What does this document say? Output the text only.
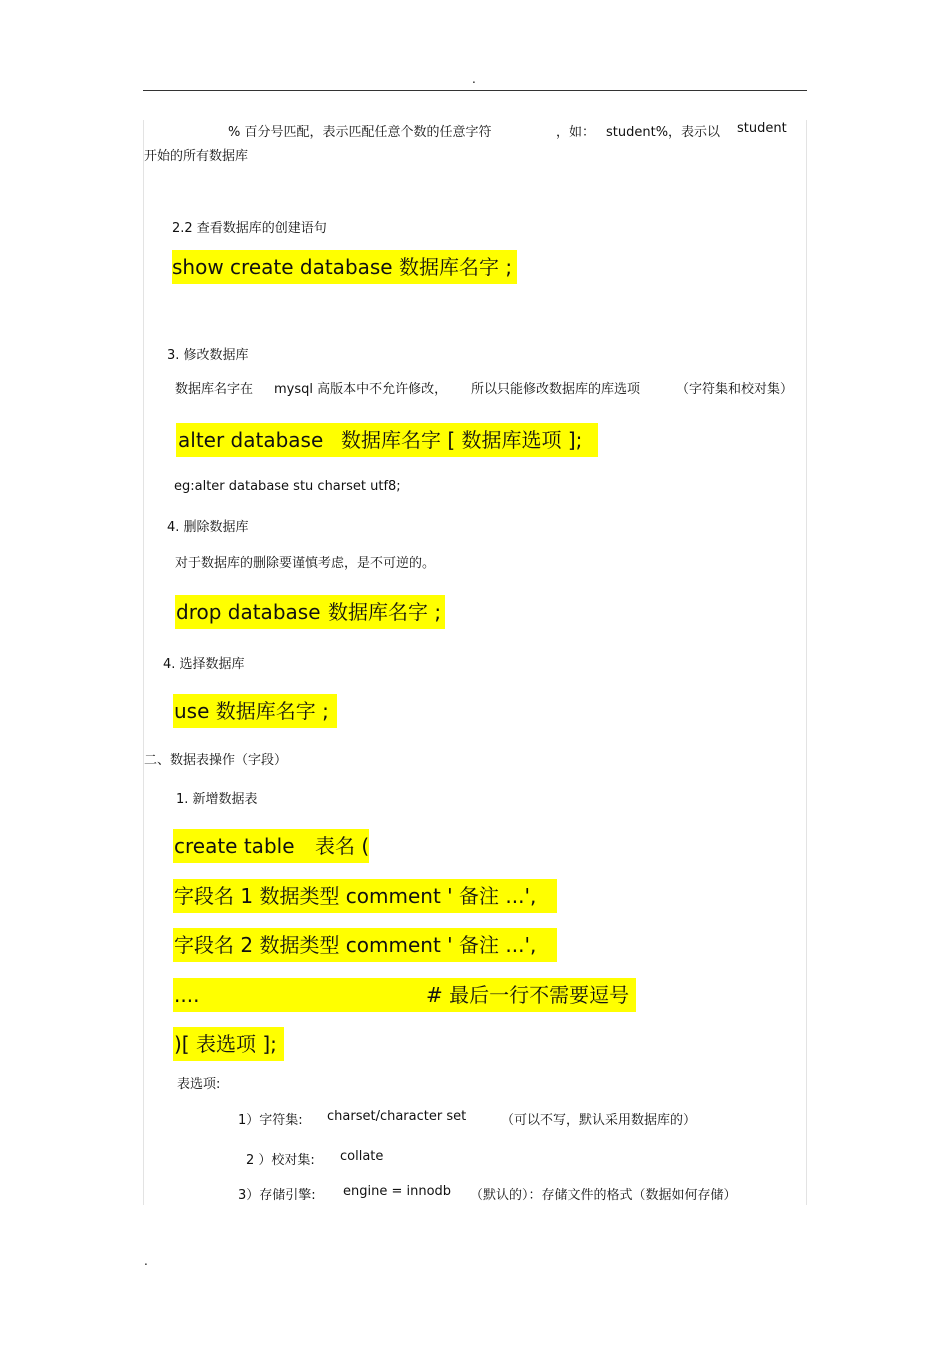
.
% 百分号匹配，表示匹配任意个数的任意字符	，如： student%，表示以 student
开始的所有数据库
2.2 查看数据库的创建语句
show create database 数据库名字 ;
3. 修改数据库
数据库名字在 mysql 高版本中不允许修改， 所以只能修改数据库的库选项	（字符集和校对集）
alter database 数据库名字 [ 数据库选项 ];
eg:alter database stu charset utf8;
4. 删除数据库
对于数据库的删除要谨慎考虑，是不可逆的。
drop database 数据库名字 ;
4. 选择数据库
use 数据库名字 ;
二、数据表操作（字段）
1. 新增数据表
create table 表名 (
字段名 1 数据类型 comment ' 备注 ...',
字段名 2 数据类型 comment ' 备注 ...',
....	# 最后一行不需要逗号
)[ 表选项 ];
表选项:
1）字符集: charset/character set	（可以不写，默认采用数据库的）
2 ）校对集: collate
3）存储引擎: engine = innodb （默认的）：存储文件的格式（数据如何存储）
.
